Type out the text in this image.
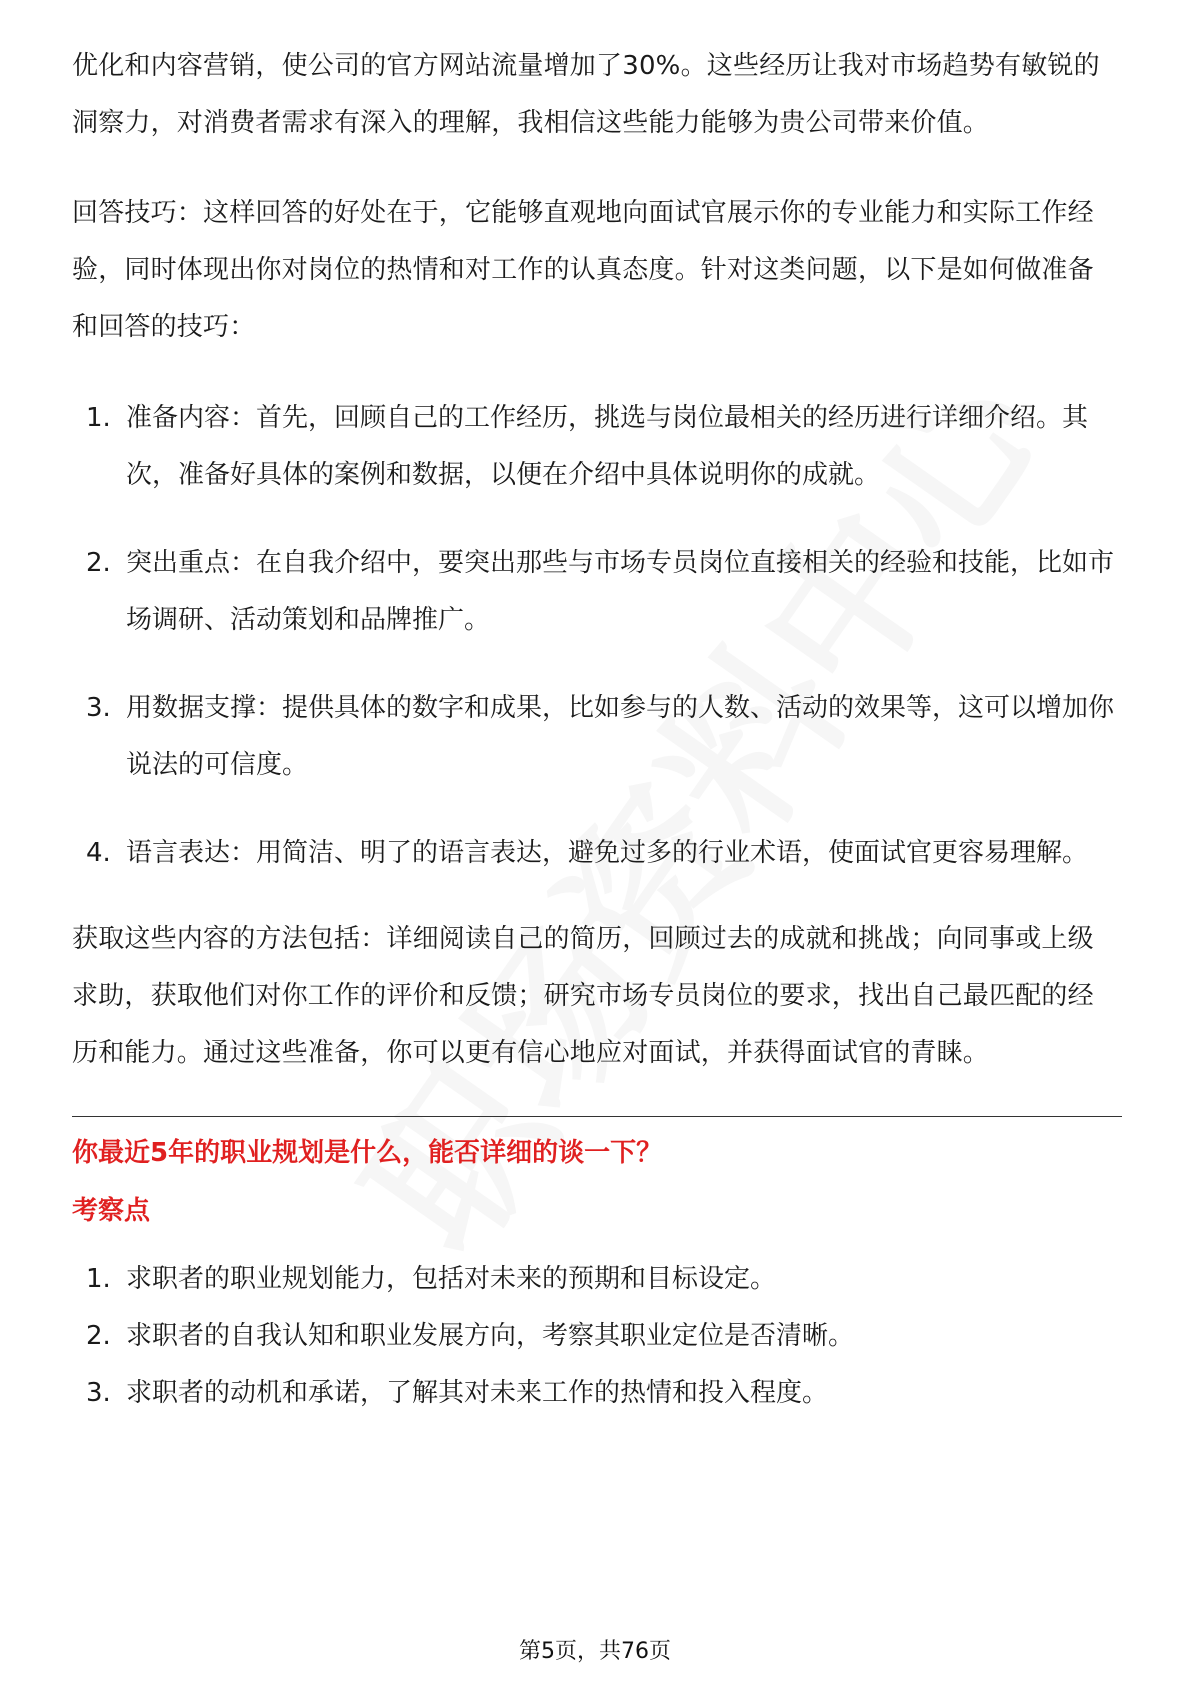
优化和内容营销，使公司的官方网站流量增加了30%。这些经历让我对市场趋势有敏锐的洞察力，对消费者需求有深入的理解，我相信这些能力能够为贵公司带来价值。

回答技巧：这样回答的好处在于，它能够直观地向面试官展示你的专业能力和实际工作经验，同时体现出你对岗位的热情和对工作的认真态度。针对这类问题，以下是如何做准备和回答的技巧：

1. 准备内容：首先，回顾自己的工作经历，挑选与岗位最相关的经历进行详细介绍。其次，准备好具体的案例和数据，以便在介绍中具体说明你的成就。
2. 突出重点：在自我介绍中，要突出那些与市场专员岗位直接相关的经验和技能，比如市场调研、活动策划和品牌推广。
3. 用数据支撑：提供具体的数字和成果，比如参与的人数、活动的效果等，这可以增加你说法的可信度。
4. 语言表达：用简洁、明了的语言表达，避免过多的行业术语，使面试官更容易理解。

获取这些内容的方法包括：详细阅读自己的简历，回顾过去的成就和挑战；向同事或上级求助，获取他们对你工作的评价和反馈；研究市场专员岗位的要求，找出自己最匹配的经历和能力。通过这些准备，你可以更有信心地应对面试，并获得面试官的青睐。

你最近5年的职业规划是什么，能否详细的谈一下？
考察点
1. 求职者的职业规划能力，包括对未来的预期和目标设定。
2. 求职者的自我认知和职业发展方向，考察其职业定位是否清晰。
3. 求职者的动机和承诺，了解其对未来工作的热情和投入程度。
第5页，共76页
